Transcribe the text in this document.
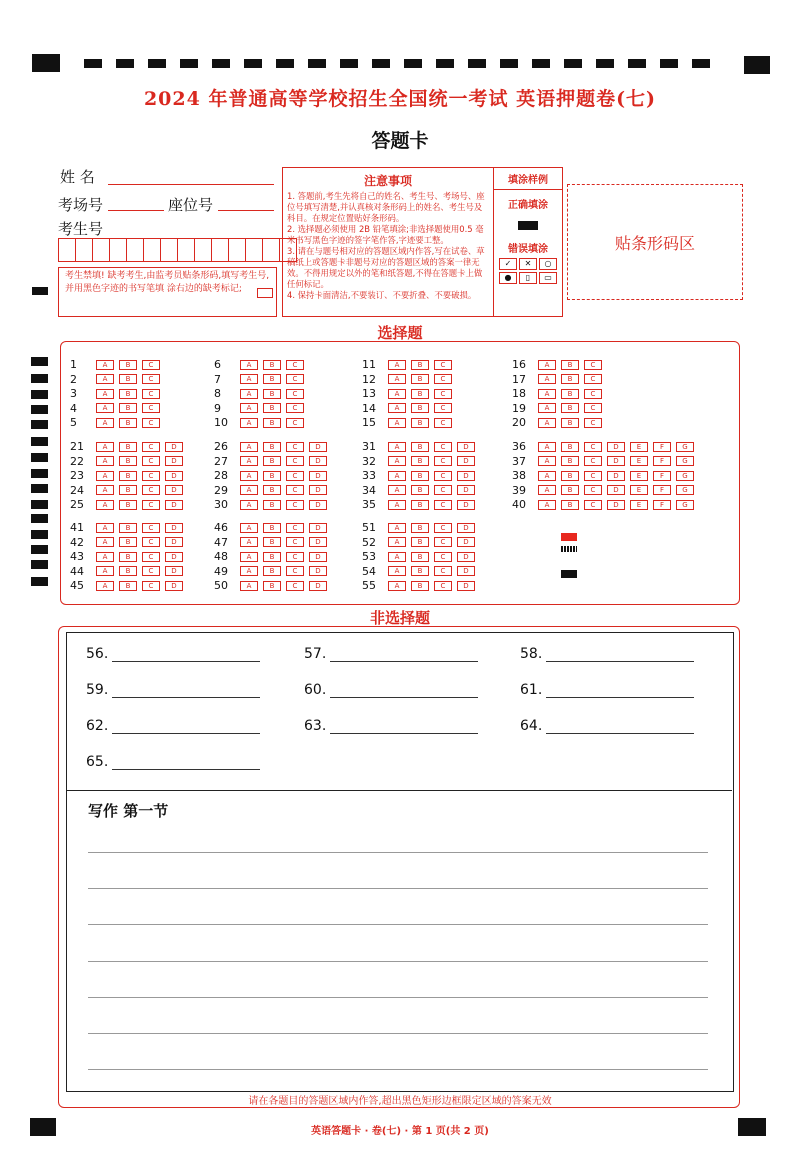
2024 年普通高等学校招生全国统一考试 英语押题卷(七)
答题卡
姓 名
考场号	座位号
考生号
考生禁填! 缺考考生,由监考员贴条形码,填写考生号,并用黑色字迹的书写笔填 涂右边的缺考标记;
注意事项
1. 答题前,考生先将自己的姓名、考生号、考场号、座位号填写清楚,并认真核对条形码上的姓名、考生号及科目。在规定位置贴好条形码。
2. 选择题必须使用 2B 铅笔填涂;非选择题使用0.5 毫米书写黑色字迹的签字笔作答,字迹要工整。
3. 请在与题号相对应的答题区域内作答,写在试卷、草稿纸上或答题卡非题号对应的答题区域的答案一律无效。不得用规定以外的笔和纸答题,不得在答题卡上做任何标记。
4. 保持卡面清洁,不要装订、不要折叠、不要破损。
填涂样例
正确填涂
错误填涂
✓	✕	○
●	▯	▭
贴条形码区
选择题
1	A	B	C
2	A	B	C
3	A	B	C
4	A	B	C
5	A	B	C
6	A	B	C
7	A	B	C
8	A	B	C
9	A	B	C
10	A	B	C
11	A	B	C
12	A	B	C
13	A	B	C
14	A	B	C
15	A	B	C
16	A	B	C
17	A	B	C
18	A	B	C
19	A	B	C
20	A	B	C
21	A	B	C	D
22	A	B	C	D
23	A	B	C	D
24	A	B	C	D
25	A	B	C	D
26	A	B	C	D
27	A	B	C	D
28	A	B	C	D
29	A	B	C	D
30	A	B	C	D
31	A	B	C	D
32	A	B	C	D
33	A	B	C	D
34	A	B	C	D
35	A	B	C	D
36	A	B	C	D	E	F	G
37	A	B	C	D	E	F	G
38	A	B	C	D	E	F	G
39	A	B	C	D	E	F	G
40	A	B	C	D	E	F	G
41	A	B	C	D
42	A	B	C	D
43	A	B	C	D
44	A	B	C	D
45	A	B	C	D
46	A	B	C	D
47	A	B	C	D
48	A	B	C	D
49	A	B	C	D
50	A	B	C	D
51	A	B	C	D
52	A	B	C	D
53	A	B	C	D
54	A	B	C	D
55	A	B	C	D
非选择题
56.	57.	58.
59.	60.	61.
62.	63.	64.
65.
写作 第一节
请在各题目的答题区域内作答,超出黑色矩形边框限定区域的答案无效
英语答题卡 · 卷(七) · 第 1 页(共 2 页)
